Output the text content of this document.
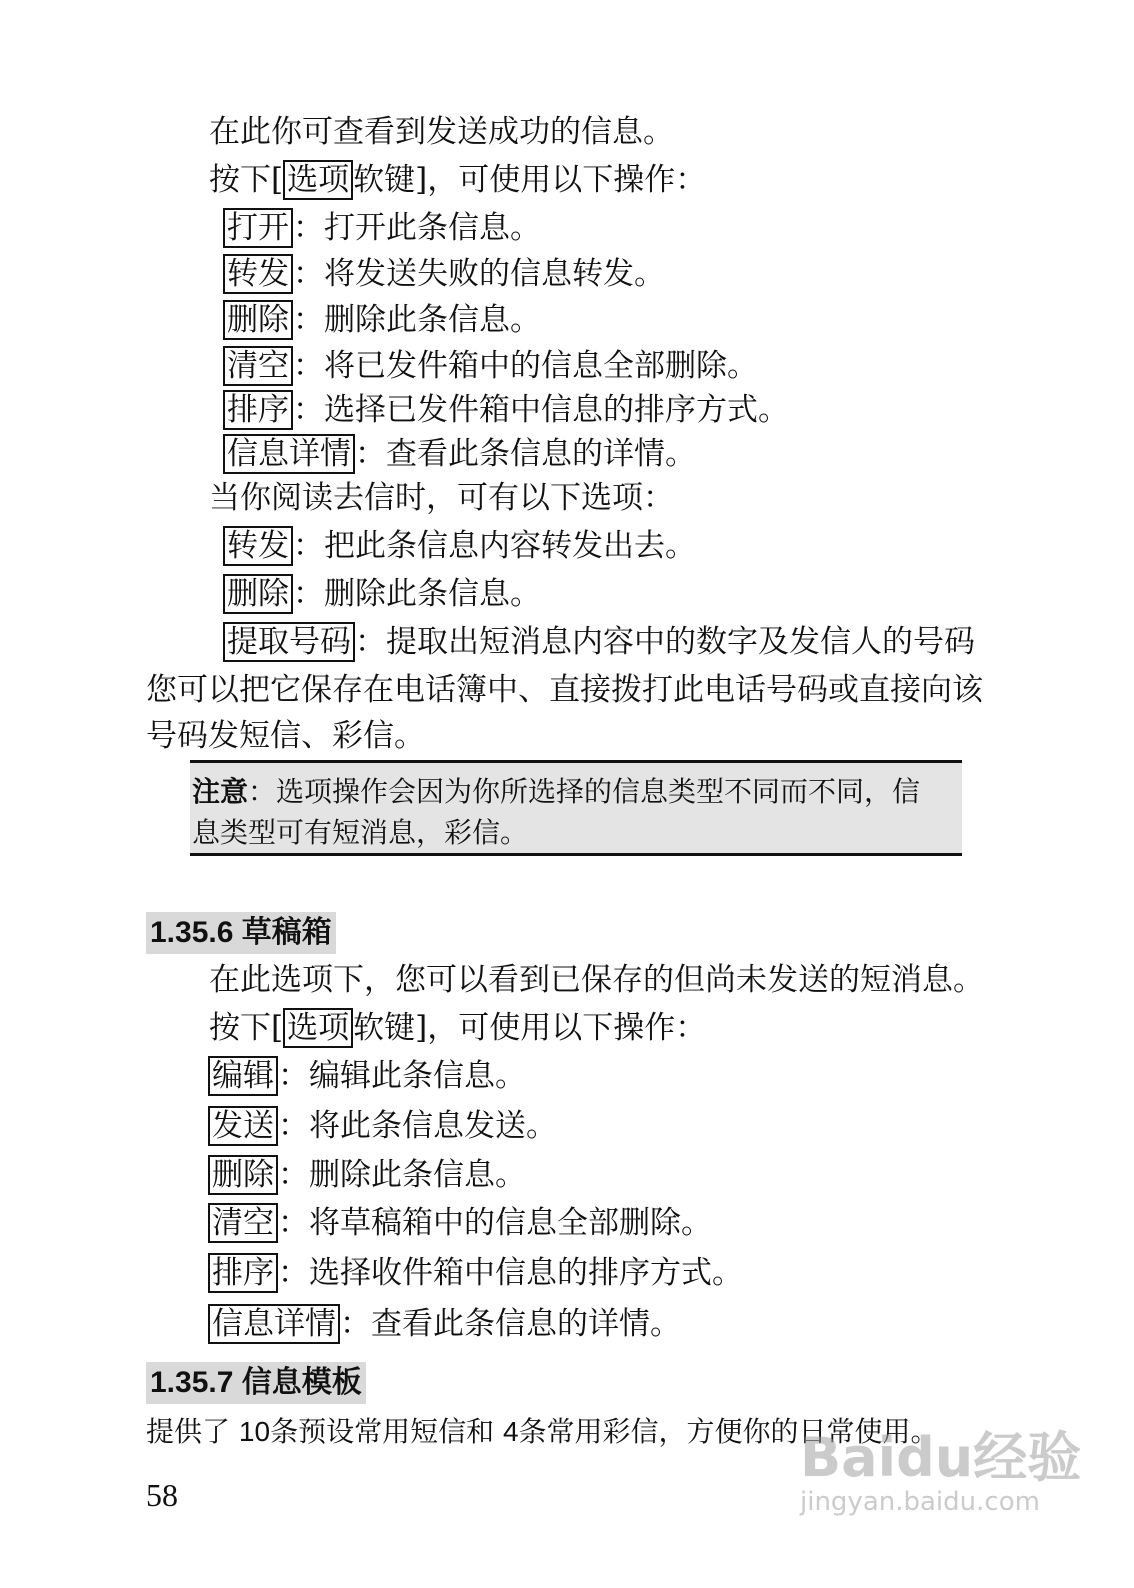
在此你可查看到发送成功的信息。
按下[ 选项 软键]，可使用以下操作：
打开 ：打开此条信息。
转发 ：将发送失败的信息转发。
删除 ：删除此条信息。
清空 ：将已发件箱中的信息全部删除。
排序 ：选择已发件箱中信息的排序方式。
信息详情 ：查看此条信息的详情。
当你阅读去信时，可有以下选项：
转发 ：把此条信息内容转发出去。
删除 ：删除此条信息。
提取号码 ：提取出短消息内容中的数字及发信人的号码
您可以把它保存在电话簿中、直接拨打此电话号码或直接向该
号码发短信、彩信。
注意：选项操作会因为你所选择的信息类型不同而不同，信
息类型可有短消息，彩信。
1.35.6 草稿箱
在此选项下，您可以看到已保存的但尚未发送的短消息。
按下[ 选项 软键]，可使用以下操作：
编辑 ：编辑此条信息。
发送 ：将此条信息发送。
删除 ：删除此条信息。
清空 ：将草稿箱中的信息全部删除。
排序 ：选择收件箱中信息的排序方式。
信息详情 ：查看此条信息的详情。
1.35.7 信息模板
提供了 10条预设常用短信和 4条常用彩信，方便你的日常使用。
58
Baidu经验
jingyan.baidu.com
